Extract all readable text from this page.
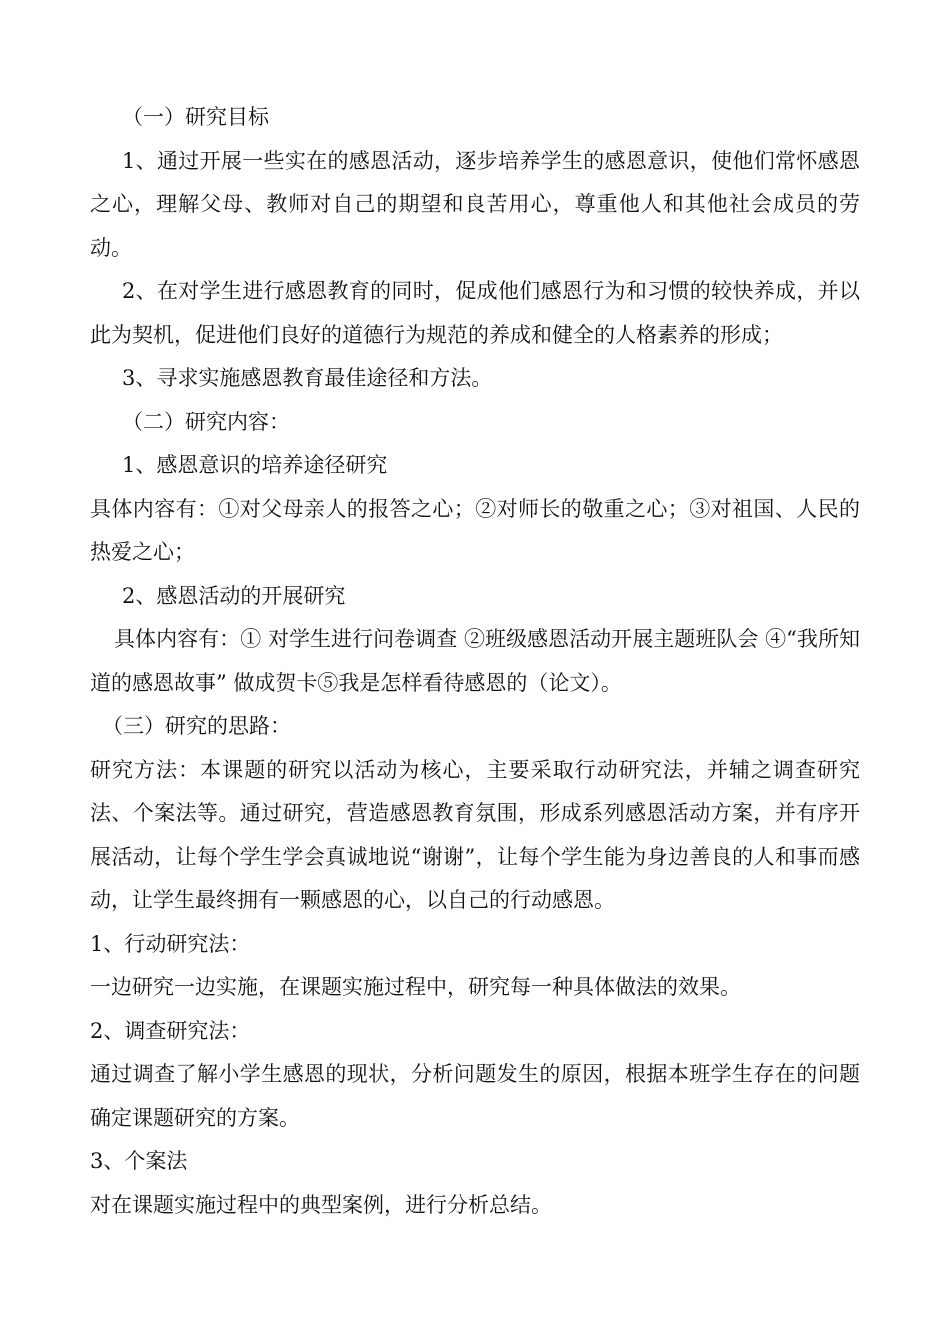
（一）研究目标

1、通过开展一些实在的感恩活动，逐步培养学生的感恩意识，使他们常怀感恩之心，理解父母、教师对自己的期望和良苦用心，尊重他人和其他社会成员的劳动。

2、在对学生进行感恩教育的同时，促成他们感恩行为和习惯的较快养成，并以此为契机，促进他们良好的道德行为规范的养成和健全的人格素养的形成；

3、寻求实施感恩教育最佳途径和方法。

（二）研究内容：

1、感恩意识的培养途径研究

具体内容有：①对父母亲人的报答之心；②对师长的敬重之心；③对祖国、人民的热爱之心；

2、感恩活动的开展研究

具体内容有：① 对学生进行问卷调查 ②班级感恩活动开展主题班队会 ④“我所知道的感恩故事” 做成贺卡⑤我是怎样看待感恩的（论文）。

（三）研究的思路：

研究方法：本课题的研究以活动为核心，主要采取行动研究法，并辅之调查研究法、个案法等。通过研究，营造感恩教育氛围，形成系列感恩活动方案，并有序开展活动，让每个学生学会真诚地说“谢谢”，让每个学生能为身边善良的人和事而感动，让学生最终拥有一颗感恩的心，以自己的行动感恩。

1、行动研究法：

一边研究一边实施，在课题实施过程中，研究每一种具体做法的效果。

2、调查研究法：

通过调查了解小学生感恩的现状，分析问题发生的原因，根据本班学生存在的问题确定课题研究的方案。

3、个案法

对在课题实施过程中的典型案例，进行分析总结。
